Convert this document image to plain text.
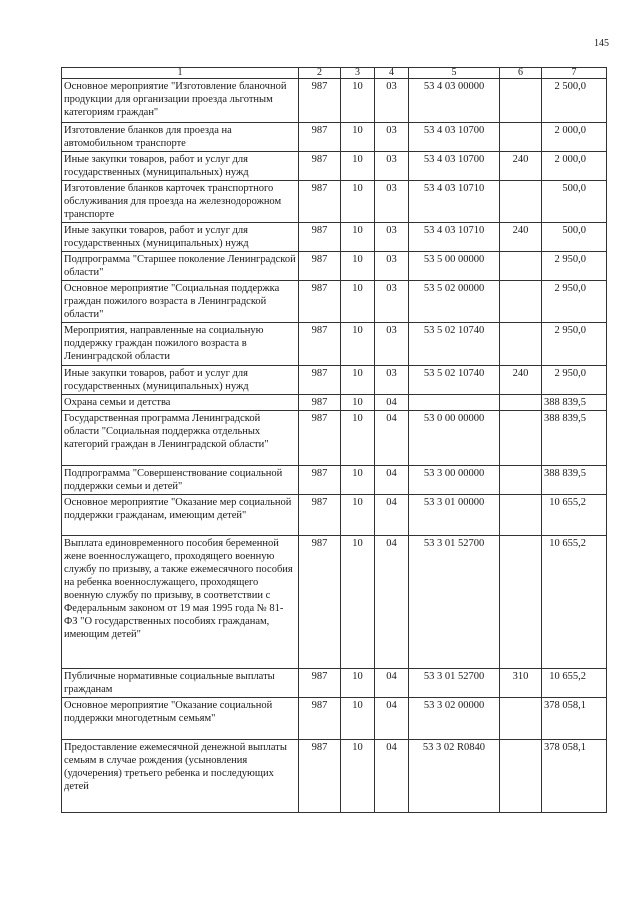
145
1	2	3	4	5	6	7
Основное мероприятие "Изготовление бланочной продукции для организации проезда льготным категориям граждан"	987	10	03	53 4 03 00000		2 500,0
Изготовление бланков для проезда на автомобильном транспорте	987	10	03	53 4 03 10700		2 000,0
Иные закупки товаров, работ и услуг для государственных (муниципальных) нужд	987	10	03	53 4 03 10700	240	2 000,0
Изготовление бланков карточек транспортного обслуживания для проезда на железнодорожном транспорте	987	10	03	53 4 03 10710		500,0
Иные закупки товаров, работ и услуг для государственных (муниципальных) нужд	987	10	03	53 4 03 10710	240	500,0
Подпрограмма "Старшее поколение Ленинградской области"	987	10	03	53 5 00 00000		2 950,0
Основное мероприятие "Социальная поддержка граждан пожилого возраста в Ленинградской области"	987	10	03	53 5 02 00000		2 950,0
Мероприятия, направленные на социальную поддержку граждан пожилого возраста в Ленинградской области	987	10	03	53 5 02 10740		2 950,0
Иные закупки товаров, работ и услуг для государственных (муниципальных) нужд	987	10	03	53 5 02 10740	240	2 950,0
Охрана семьи и детства	987	10	04			388 839,5
Государственная программа Ленинградской области "Социальная поддержка отдельных категорий граждан в Ленинградской области"	987	10	04	53 0 00 00000		388 839,5
Подпрограмма "Совершенствование социальной поддержки семьи и детей"	987	10	04	53 3 00 00000		388 839,5
Основное мероприятие "Оказание мер социальной поддержки гражданам, имеющим детей"	987	10	04	53 3 01 00000		10 655,2
Выплата единовременного пособия беременной жене военнослужащего, проходящего военную службу по призыву, а также ежемесячного пособия на ребенка военнослужащего, проходящего военную службу по призыву, в соответствии с Федеральным законом от 19 мая 1995 года № 81-ФЗ "О государственных пособиях гражданам, имеющим детей"	987	10	04	53 3 01 52700		10 655,2
Публичные нормативные социальные выплаты гражданам	987	10	04	53 3 01 52700	310	10 655,2
Основное мероприятие "Оказание социальной поддержки многодетным семьям"	987	10	04	53 3 02 00000		378 058,1
Предоставление ежемесячной денежной выплаты семьям в случае рождения (усыновления (удочерения) третьего ребенка и последующих детей	987	10	04	53 3 02 R0840		378 058,1
